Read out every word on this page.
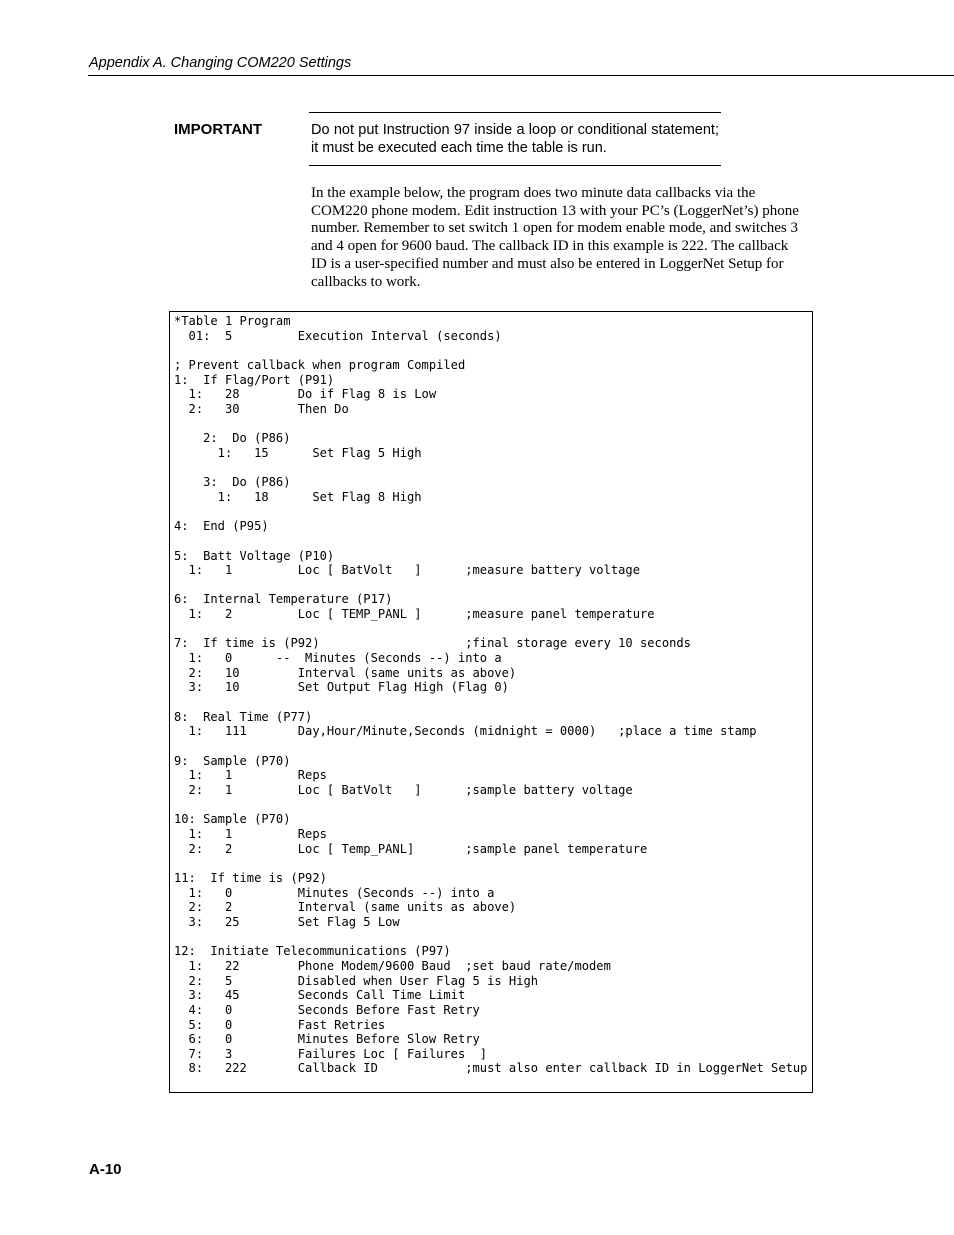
Appendix A. Changing COM220 Settings
IMPORTANT	Do not put Instruction 97 inside a loop or conditional statement; it must be executed each time the table is run.
In the example below, the program does two minute data callbacks via the COM220 phone modem. Edit instruction 13 with your PC’s (LoggerNet’s) phone number. Remember to set switch 1 open for modem enable mode, and switches 3 and 4 open for 9600 baud. The callback ID in this example is 222. The callback ID is a user-specified number and must also be entered in LoggerNet Setup for callbacks to work.
*Table 1 Program
01:  5         Execution Interval (seconds)

; Prevent callback when program Compiled
1:  If Flag/Port (P91)
1:   28        Do if Flag 8 is Low
2:   30        Then Do

2:  Do (P86)
1:   15      Set Flag 5 High

3:  Do (P86)
1:   18      Set Flag 8 High

4:  End (P95)

5:  Batt Voltage (P10)
1:   1         Loc [ BatVolt   ]      ;measure battery voltage

6:  Internal Temperature (P17)
1:   2         Loc [ TEMP_PANL ]      ;measure panel temperature

7:  If time is (P92)                    ;final storage every 10 seconds
1:   0      --  Minutes (Seconds --) into a
2:   10        Interval (same units as above)
3:   10        Set Output Flag High (Flag 0)

8:  Real Time (P77)
1:   111       Day,Hour/Minute,Seconds (midnight = 0000)   ;place a time stamp

9:  Sample (P70)
1:   1         Reps
2:   1         Loc [ BatVolt   ]      ;sample battery voltage

10: Sample (P70)
1:   1         Reps
2:   2         Loc [ Temp_PANL]       ;sample panel temperature

11:  If time is (P92)
1:   0         Minutes (Seconds --) into a
2:   2         Interval (same units as above)
3:   25        Set Flag 5 Low

12:  Initiate Telecommunications (P97)
1:   22        Phone Modem/9600 Baud  ;set baud rate/modem
2:   5         Disabled when User Flag 5 is High
3:   45        Seconds Call Time Limit
4:   0         Seconds Before Fast Retry
5:   0         Fast Retries
6:   0         Minutes Before Slow Retry
7:   3         Failures Loc [ Failures  ]
8:   222       Callback ID            ;must also enter callback ID in LoggerNet Setup

A-10
